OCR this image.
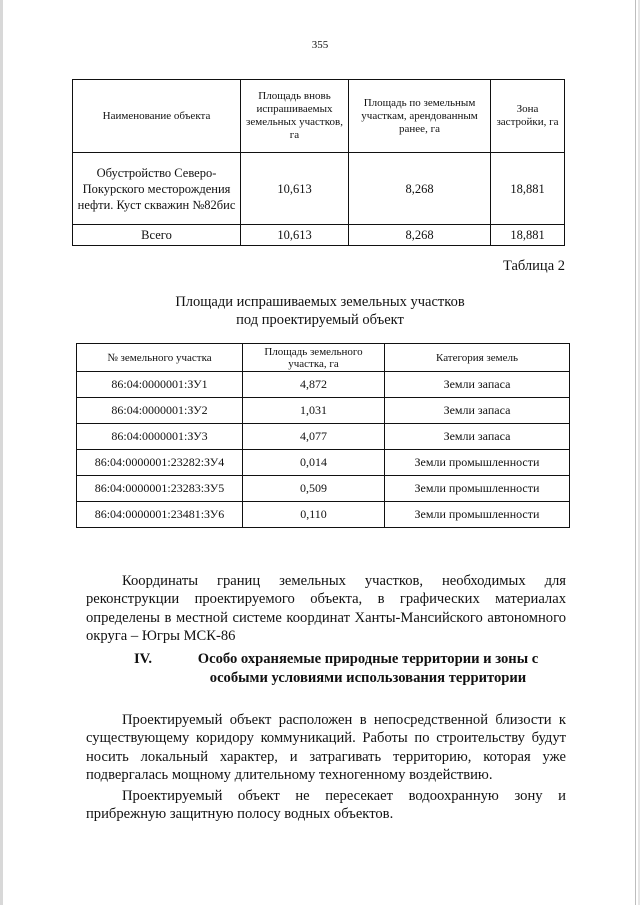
355
Наименование объекта	Площадь вновь испрашиваемых земельных участков, га	Площадь по земельным участкам, арендованным ранее, га	Зона застройки, га
Обустройство Северо-Покурского месторождения нефти. Куст скважин №82бис	10,613	8,268	18,881
Всего	10,613	8,268	18,881
Таблица 2
Площади испрашиваемых земельных участков
под проектируемый объект
№ земельного участка	Площадь земельного участка, га	Категория земель
86:04:0000001:ЗУ1	4,872	Земли запаса
86:04:0000001:ЗУ2	1,031	Земли запаса
86:04:0000001:ЗУ3	4,077	Земли запаса
86:04:0000001:23282:ЗУ4	0,014	Земли промышленности
86:04:0000001:23283:ЗУ5	0,509	Земли промышленности
86:04:0000001:23481:ЗУ6	0,110	Земли промышленности

Координаты границ земельных участков, необходимых для реконструкции проектируемого объекта, в графических материалах определены в местной системе координат Ханты-Мансийского автономного округа – Югры МСК-86

IV.	Особо охраняемые природные территории и зоны с особыми условиями использования территории

Проектируемый объект расположен в непосредственной близости к существующему коридору коммуникаций. Работы по строительству будут носить локальный характер, и затрагивать территорию, которая уже подвергалась мощному длительному техногенному воздействию.

Проектируемый объект не пересекает водоохранную зону и прибрежную защитную полосу водных объектов.
